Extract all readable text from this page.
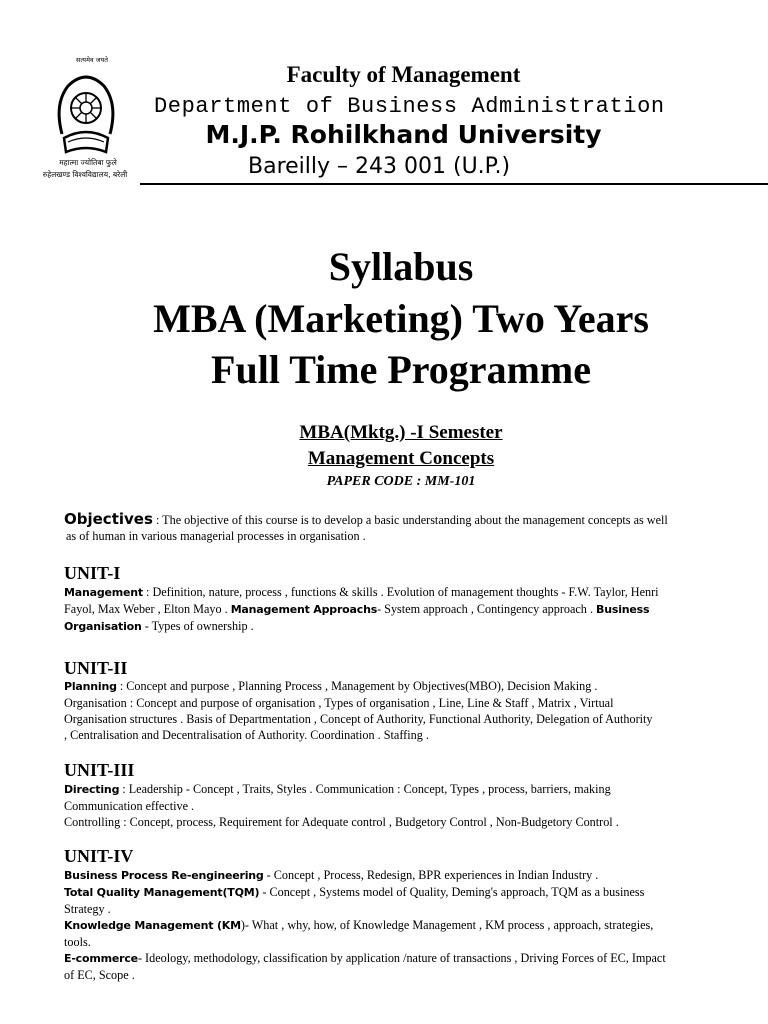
सत्यमेव जयते
महात्मा ज्योतिबा फुले
रुहेलखण्ड विश्वविद्यालय, बरेली
Faculty of Management
Department of Business Administration
M.J.P. Rohilkhand University
Bareilly – 243 001 (U.P.)
Syllabus
MBA (Marketing) Two Years
Full Time Programme
MBA(Mktg.) -I Semester
Management Concepts
PAPER CODE : MM-101
Objectives : The objective of this course is to develop a basic understanding about the management concepts as well
as of human in various managerial processes in organisation .
UNIT-I
Management : Definition, nature, process , functions & skills . Evolution of management thoughts - F.W. Taylor, Henri
Fayol, Max Weber , Elton Mayo . Management Approachs- System approach , Contingency approach . Business
Organisation - Types of ownership .
UNIT-II
Planning : Concept and purpose , Planning Process , Management by Objectives(MBO), Decision Making .
Organisation : Concept and purpose of organisation , Types of organisation , Line, Line & Staff , Matrix , Virtual
Organisation structures . Basis of Departmentation , Concept of Authority, Functional Authority, Delegation of Authority
, Centralisation and Decentralisation of Authority. Coordination . Staffing .
UNIT-III
Directing : Leadership - Concept , Traits, Styles . Communication : Concept, Types , process, barriers, making
Communication effective .
Controlling : Concept, process, Requirement for Adequate control , Budgetory Control , Non-Budgetory Control .
UNIT-IV
Business Process Re-engineering - Concept , Process, Redesign, BPR experiences in Indian Industry .
Total Quality Management(TQM) - Concept , Systems model of Quality, Deming's approach, TQM as a business
Strategy .
Knowledge Management (KM)- What , why, how, of Knowledge Management , KM process , approach, strategies,
tools.
E-commerce- Ideology, methodology, classification by application /nature of transactions , Driving Forces of EC, Impact
of EC, Scope .
